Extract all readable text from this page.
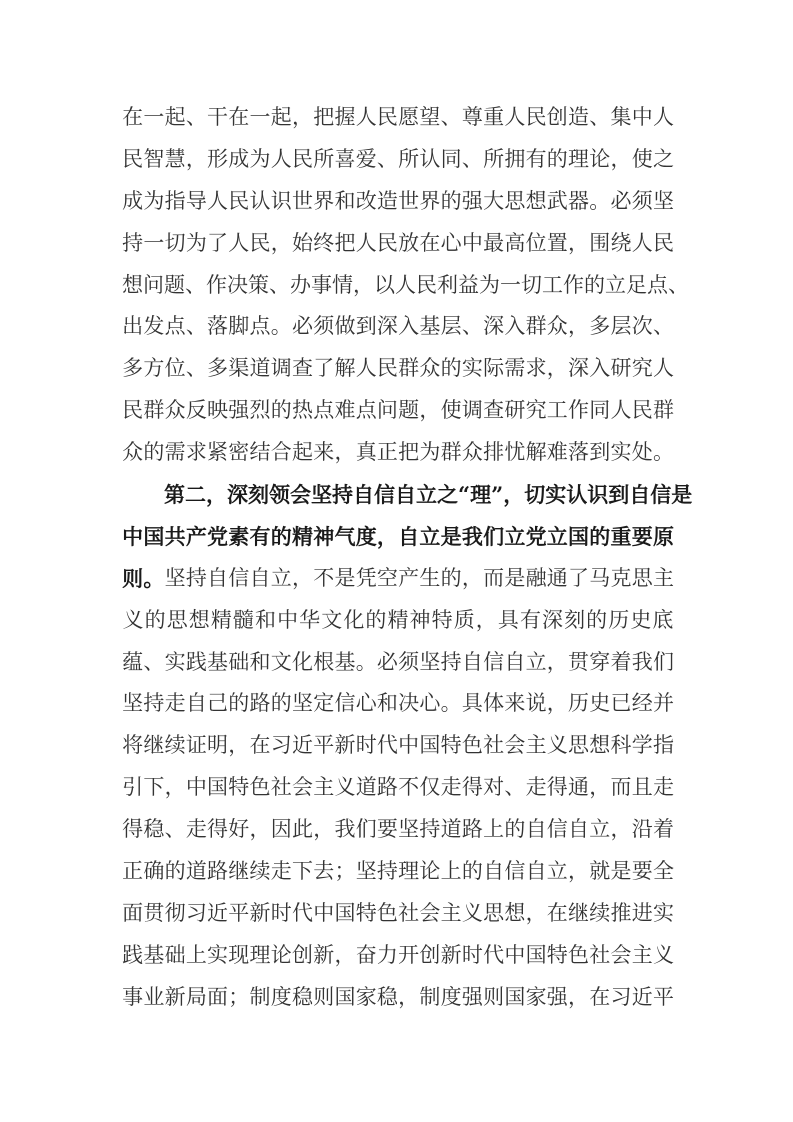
在 一 起 、 干 在 一 起 ， 把 握 人 民 愿 望 、 尊 重 人 民 创 造 、 集 中 人
民 智 慧 ， 形 成 为 人 民 所 喜 爱 、 所 认 同 、 所 拥 有 的 理 论 ， 使 之
成 为 指 导 人 民 认 识 世 界 和 改 造 世 界 的 强 大 思 想 武 器 。 必 须 坚
持 一 切 为 了 人 民 ， 始 终 把 人 民 放 在 心 中 最 高 位 置 ， 围 绕 人 民
想 问 题 、 作 决 策 、 办 事 情 ， 以 人 民 利 益 为 一 切 工 作 的 立 足 点 、
出 发 点 、 落 脚 点 。 必 须 做 到 深 入 基 层 、 深 入 群 众 ， 多 层 次 、
多 方 位 、 多 渠 道 调 查 了 解 人 民 群 众 的 实 际 需 求 ， 深 入 研 究 人
民 群 众 反 映 强 烈 的 热 点 难 点 问 题 ， 使 调 查 研 究 工 作 同 人 民 群
众 的 需 求 紧 密 结 合 起 来 ， 真 正 把 为 群 众 排 忧 解 难 落 到 实 处 。

第 二 ， 深 刻 领 会 坚 持 自 信 自 立 之 “ 理 ” ， 切 实 认 识 到 自 信 是
中 国 共 产 党 素 有 的 精 神 气 度 ， 自 立 是 我 们 立 党 立 国 的 重 要 原
则 。 坚 持 自 信 自 立 ， 不 是 凭 空 产 生 的 ， 而 是 融 通 了 马 克 思 主
义 的 思 想 精 髓 和 中 华 文 化 的 精 神 特 质 ， 具 有 深 刻 的 历 史 底
蕴 、 实 践 基 础 和 文 化 根 基 。 必 须 坚 持 自 信 自 立 ， 贯 穿 着 我 们
坚 持 走 自 己 的 路 的 坚 定 信 心 和 决 心 。 具 体 来 说 ， 历 史 已 经 并
将 继 续 证 明 ， 在 习 近 平 新 时 代 中 国 特 色 社 会 主 义 思 想 科 学 指
引 下 ， 中 国 特 色 社 会 主 义 道 路 不 仅 走 得 对 、 走 得 通 ， 而 且 走
得 稳 、 走 得 好 ， 因 此 ， 我 们 要 坚 持 道 路 上 的 自 信 自 立 ， 沿 着
正 确 的 道 路 继 续 走 下 去 ； 坚 持 理 论 上 的 自 信 自 立 ， 就 是 要 全
面 贯 彻 习 近 平 新 时 代 中 国 特 色 社 会 主 义 思 想 ， 在 继 续 推 进 实
践 基 础 上 实 现 理 论 创 新 ， 奋 力 开 创 新 时 代 中 国 特 色 社 会 主 义
事 业 新 局 面 ； 制 度 稳 则 国 家 稳 ， 制 度 强 则 国 家 强 ， 在 习 近 平
